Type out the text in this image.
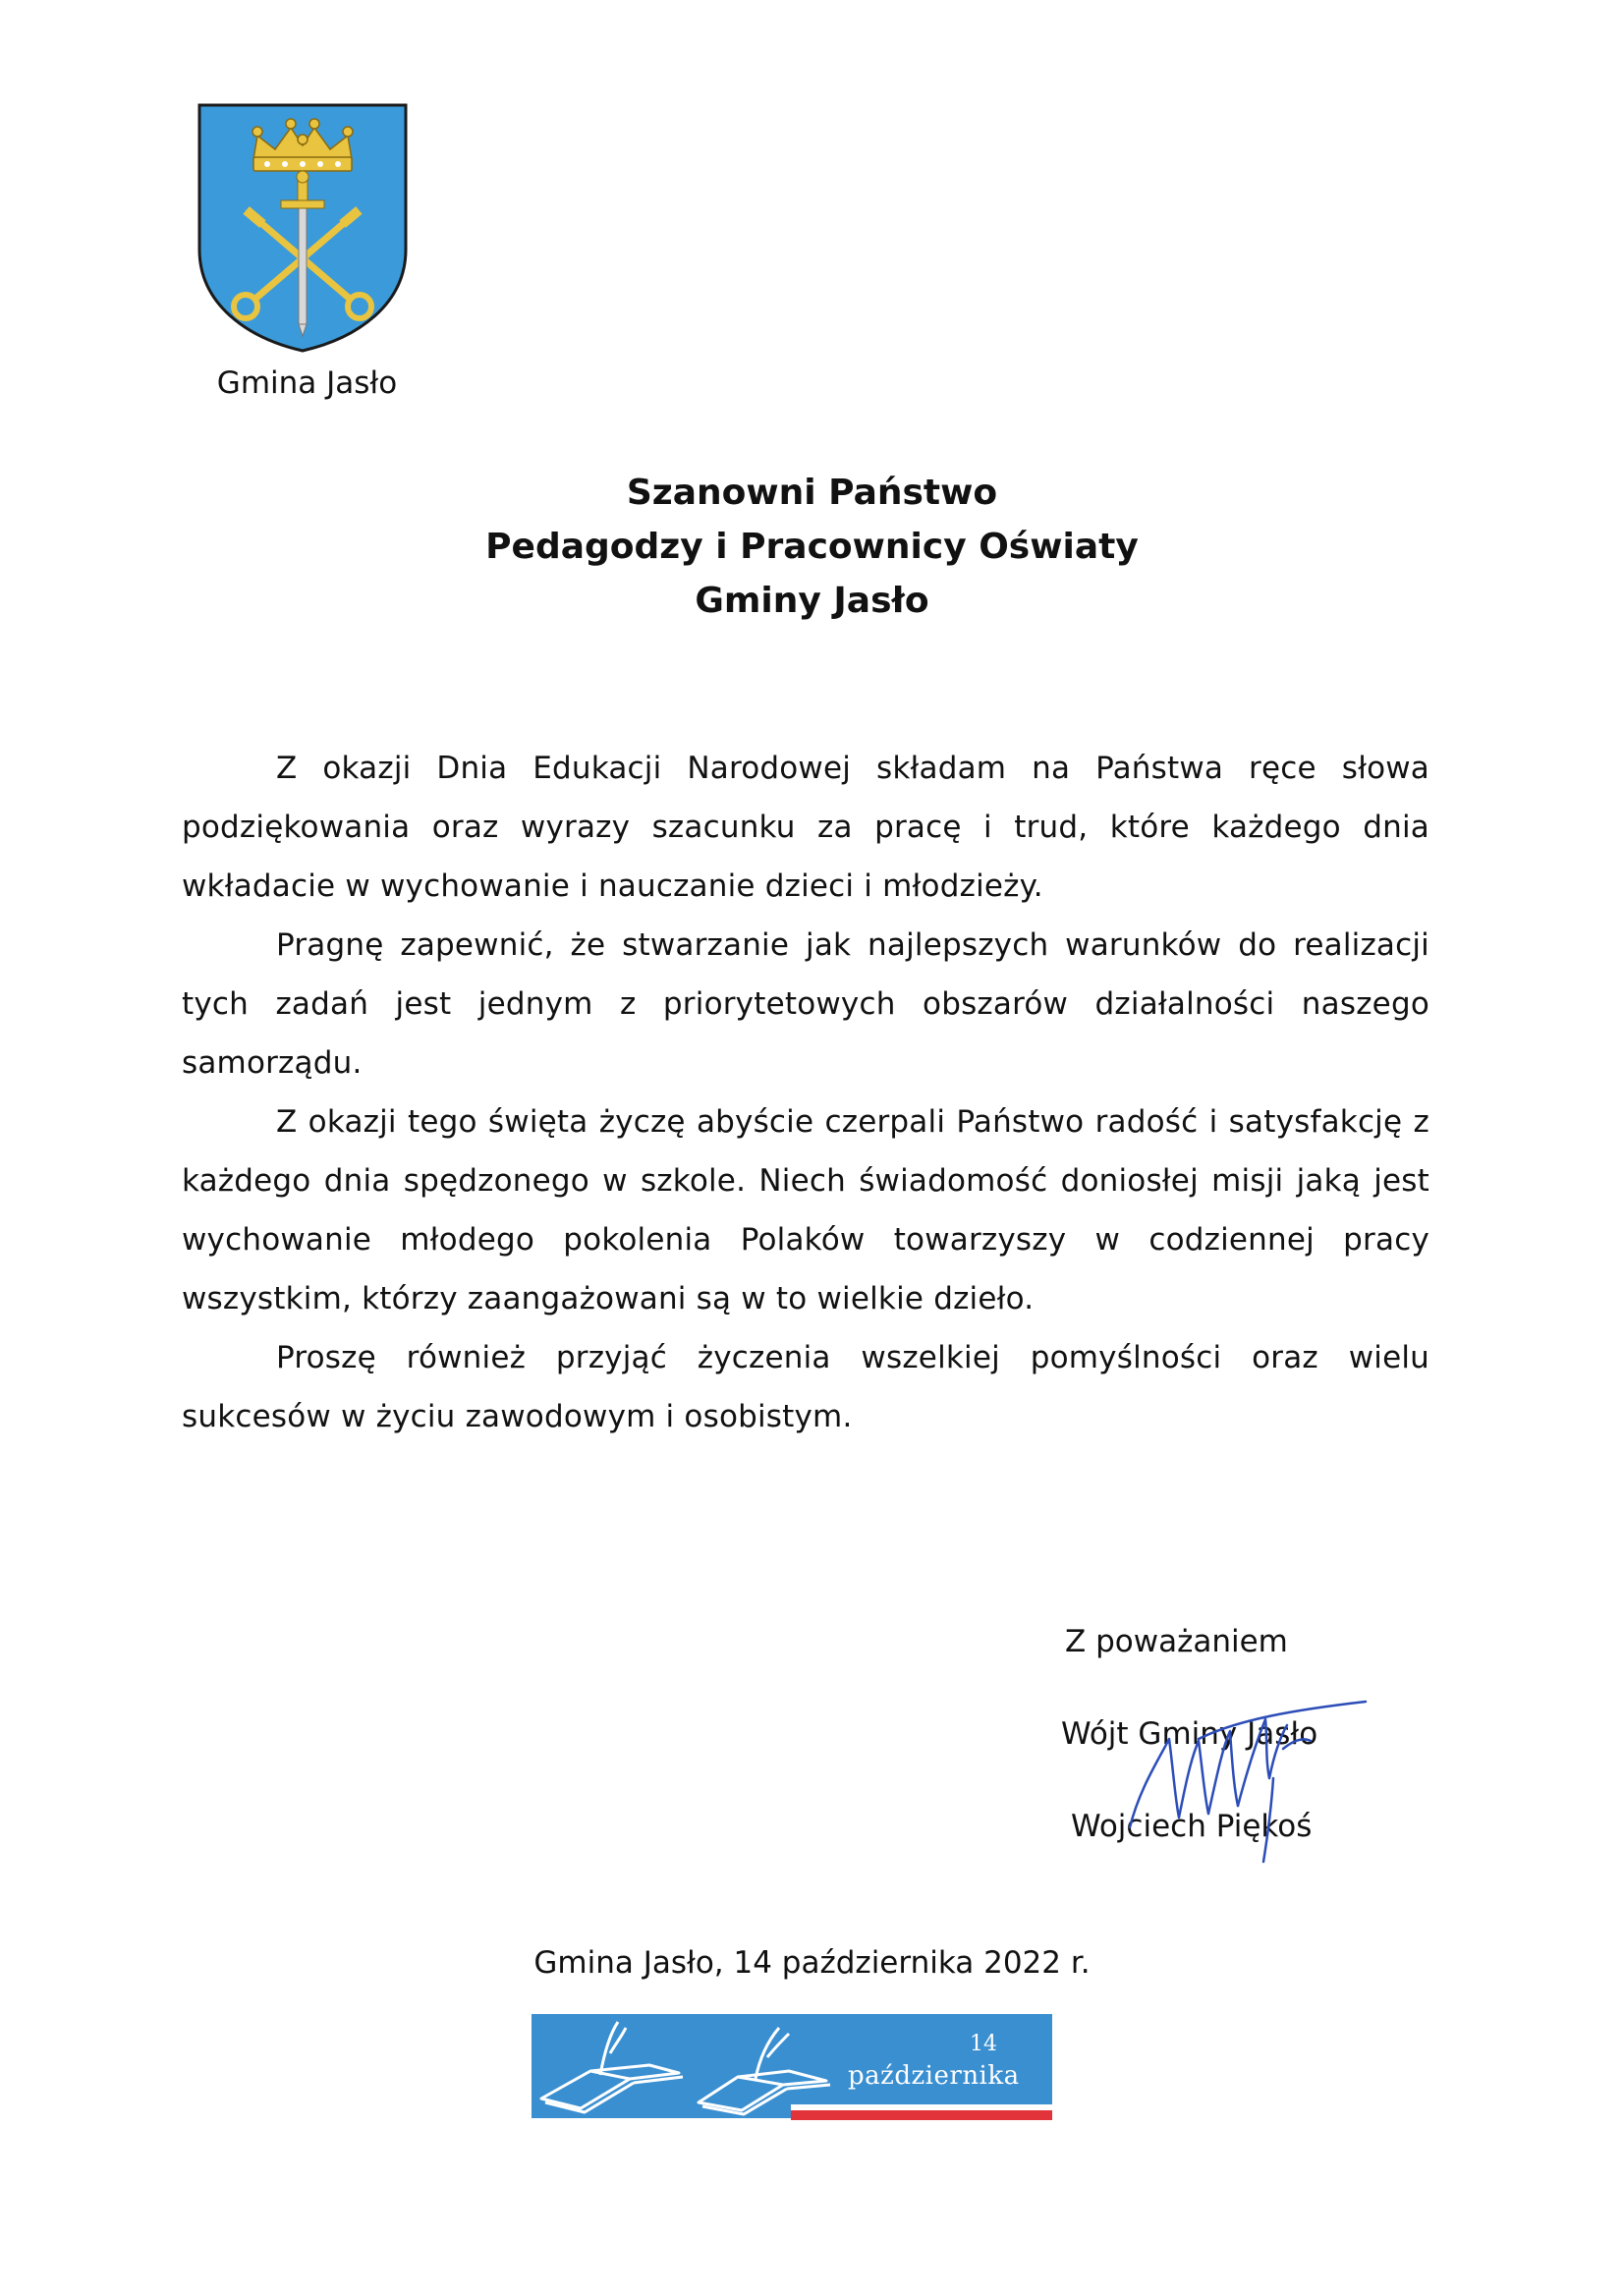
Gmina Jasło
Szanowni Państwo
Pedagodzy i Pracownicy Oświaty
Gminy Jasło

Z okazji Dnia Edukacji Narodowej składam na Państwa ręce słowa podziękowania oraz wyrazy szacunku za pracę i trud, które każdego dnia wkładacie w wychowanie i nauczanie dzieci i młodzieży.

Pragnę zapewnić, że stwarzanie jak najlepszych warunków do realizacji tych zadań jest jednym z priorytetowych obszarów działalności naszego samorządu.

Z okazji tego święta życzę abyście czerpali Państwo radość i satysfakcję z każdego dnia spędzonego w szkole. Niech świadomość doniosłej misji jaką jest wychowanie młodego pokolenia Polaków towarzyszy w codziennej pracy wszystkim, którzy zaangażowani są w to wielkie dzieło.

Proszę również przyjąć życzenia wszelkiej pomyślności oraz wielu sukcesów w życiu zawodowym i osobistym.

Z poważaniem
Wójt Gminy Jasło
Wojciech Piękoś
Gmina Jasło, 14 października 2022 r.
14
października
